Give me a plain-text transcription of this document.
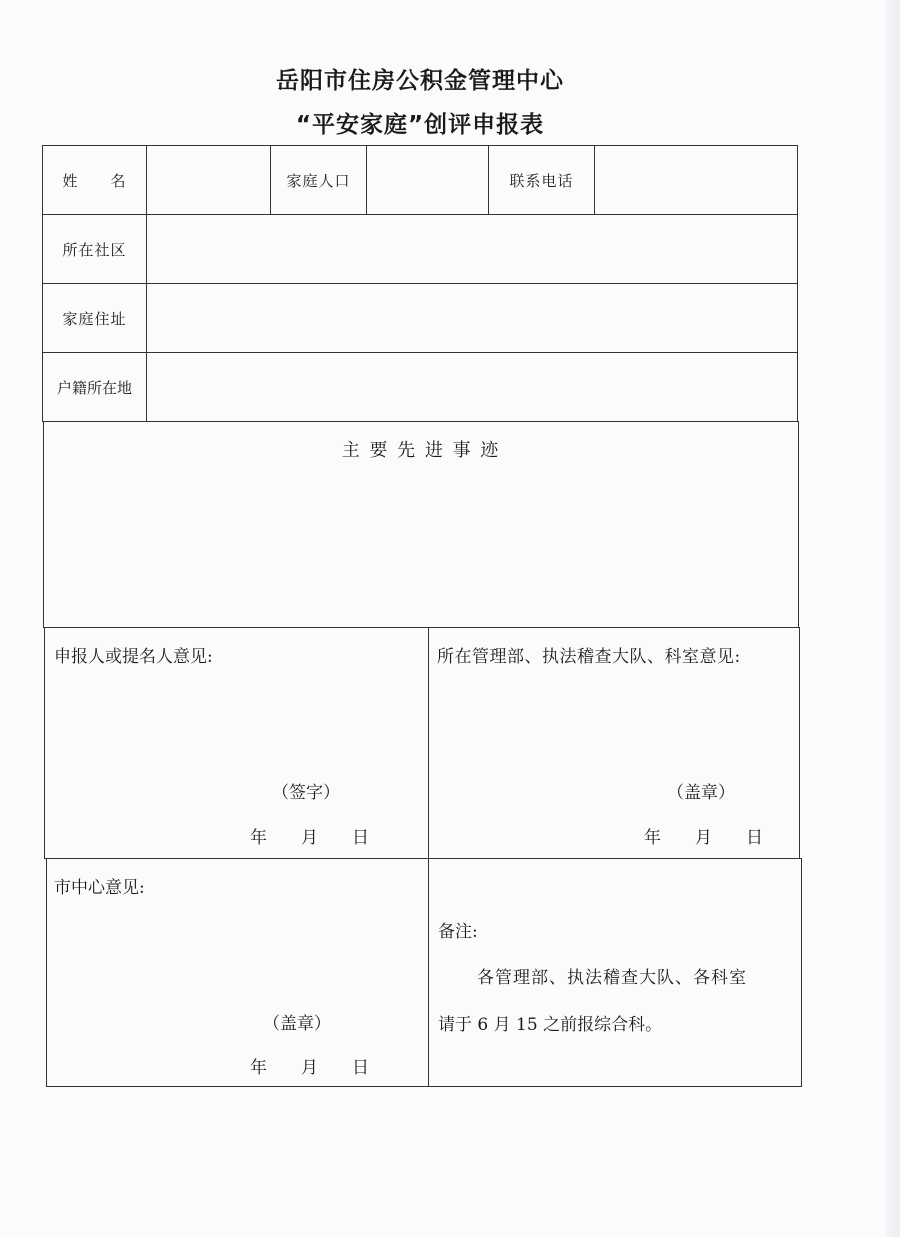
岳阳市住房公积金管理中心
“平安家庭”创评申报表
姓　　名	家庭人口	联系电话
所在社区
家庭住址
户籍所在地
主 要 先 进 事 迹
申报人或提名人意见:
（签字）
年　　月　　日
所在管理部、执法稽查大队、科室意见:
（盖章）
年　　月　　日
市中心意见:
（盖章）
年　　月　　日
备注:
各管理部、执法稽查大队、各科室
请于 6 月 15 之前报综合科。
